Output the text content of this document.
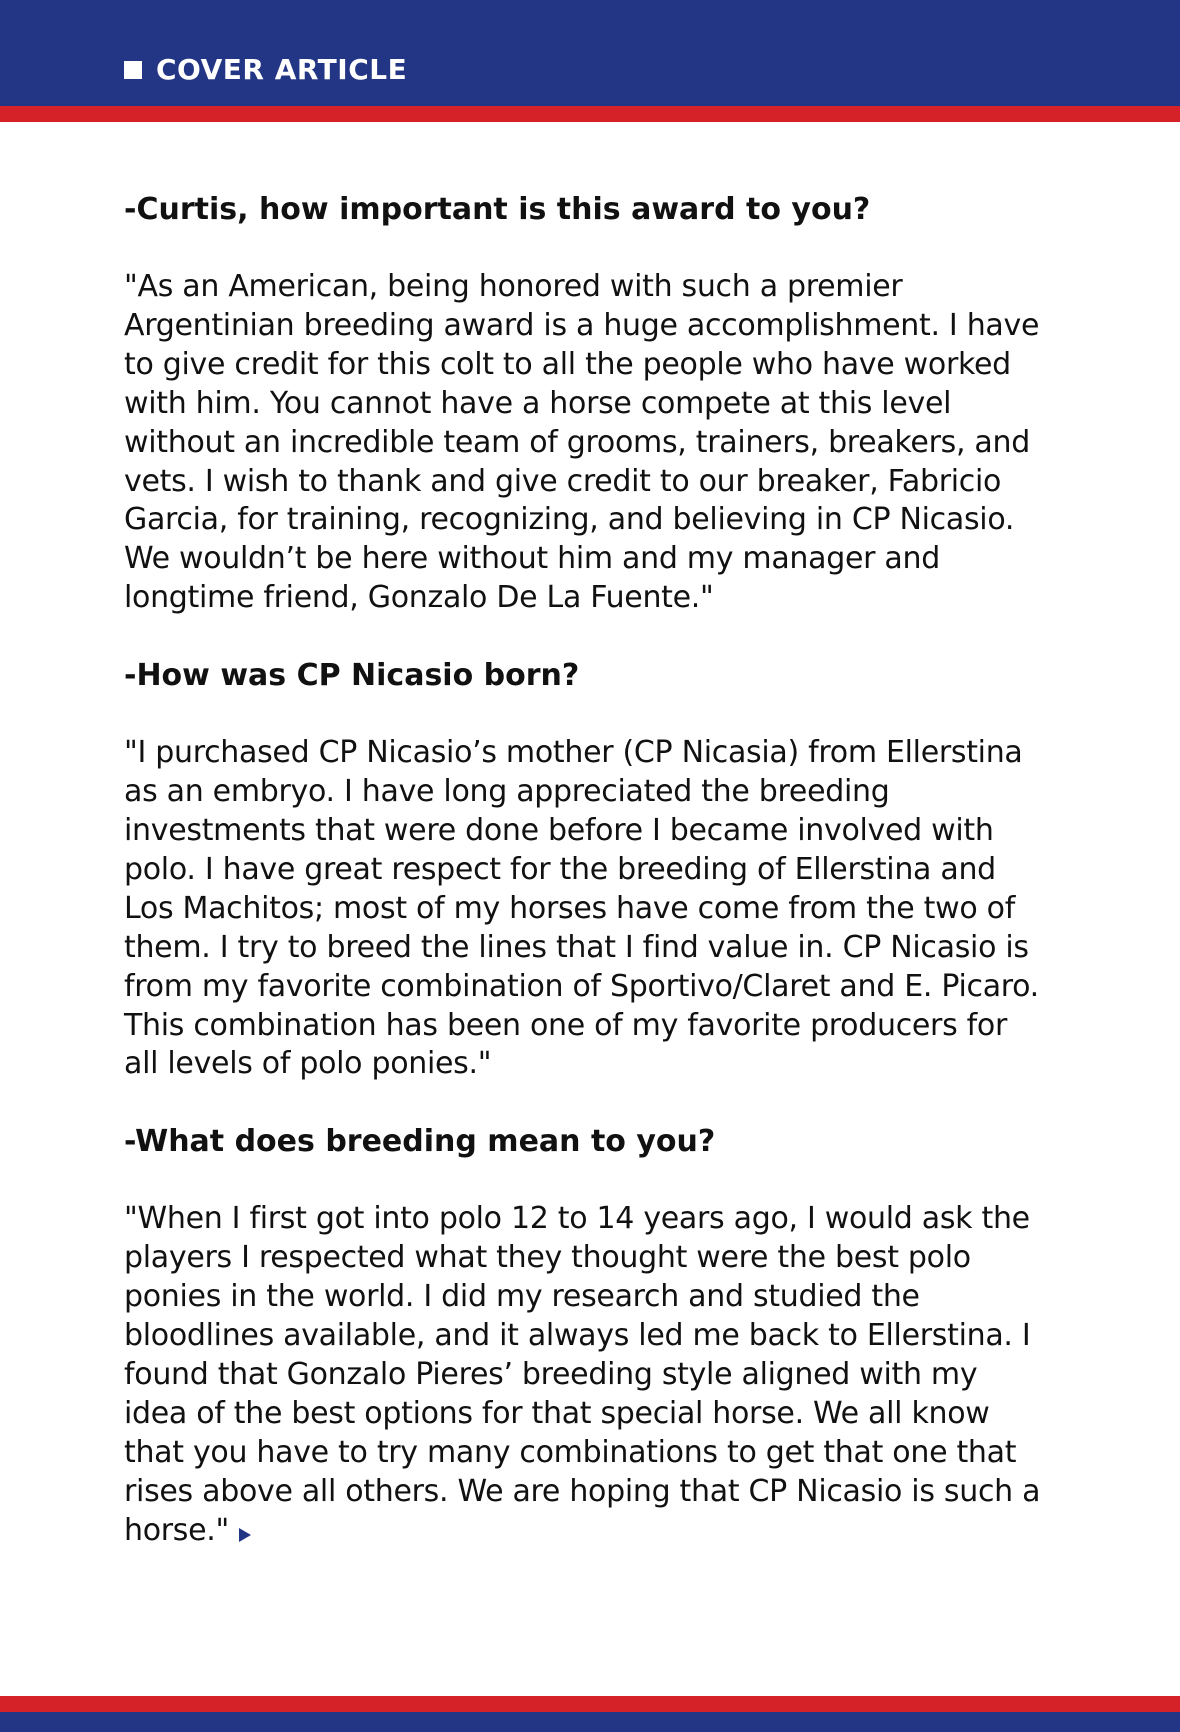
COVER ARTICLE
-Curtis, how important is this award to you?

"As an American, being honored with such a premier Argentinian breeding award is a huge accomplishment. I have to give credit for this colt to all the people who have worked with him. You cannot have a horse compete at this level without an incredible team of grooms, trainers, breakers, and vets. I wish to thank and give credit to our breaker, Fabricio Garcia, for training, recognizing, and believing in CP Nicasio. We wouldn’t be here without him and my manager and longtime friend, Gonzalo De La Fuente."

-How was CP Nicasio born?

"I purchased CP Nicasio’s mother (CP Nicasia) from Ellerstina as an embryo. I have long appreciated the breeding investments that were done before I became involved with polo. I have great respect for the breeding of Ellerstina and Los Machitos; most of my horses have come from the two of them. I try to breed the lines that I find value in. CP Nicasio is from my favorite combination of Sportivo/Claret and E. Picaro. This combination has been one of my favorite producers for all levels of polo ponies."

-What does breeding mean to you?

"When I first got into polo 12 to 14 years ago, I would ask the players I respected what they thought were the best polo ponies in the world. I did my research and studied the bloodlines available, and it always led me back to Ellerstina. I found that Gonzalo Pieres’ breeding style aligned with my idea of the best options for that special horse. We all know that you have to try many combinations to get that one that rises above all others. We are hoping that CP Nicasio is such a horse."
